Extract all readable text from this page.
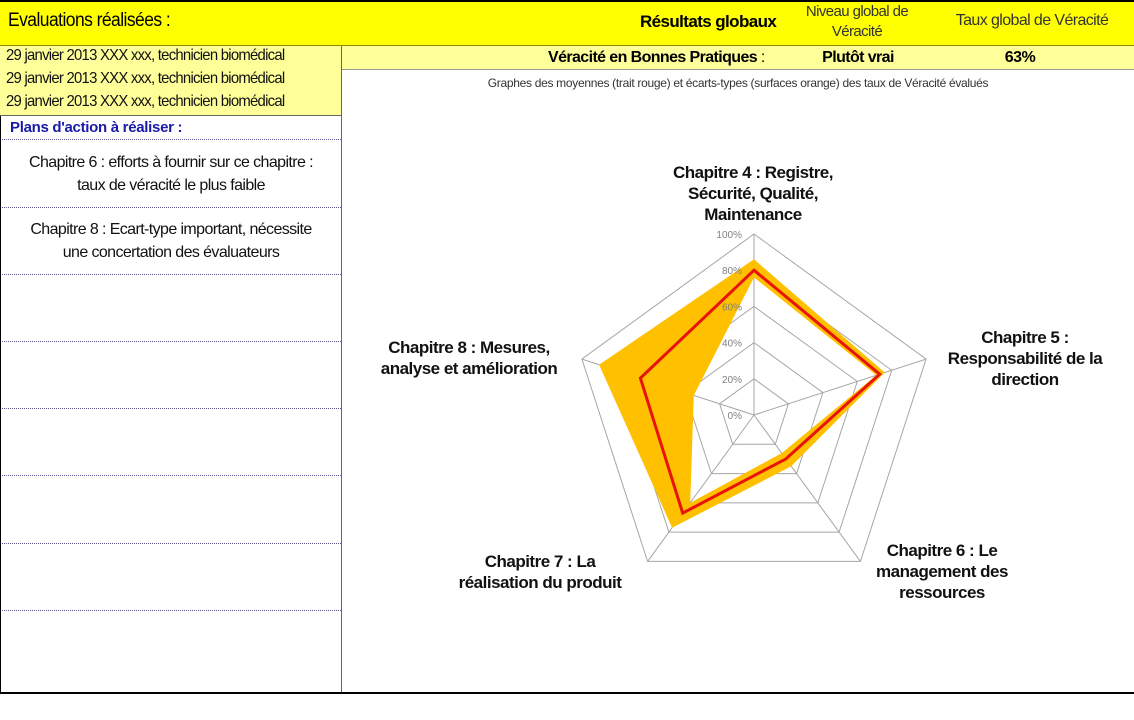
Evaluations réalisées :	Résultats globaux
Niveau global de
Véracité
Taux global de Véracité
Véracité en Bonnes Pratiques :	Plutôt vrai	63%
29 janvier 2013 XXX xxx, technicien biomédical
29 janvier 2013 XXX xxx, technicien biomédical
29 janvier 2013 XXX xxx, technicien biomédical
Graphes des moyennes (trait rouge) et écarts-types (surfaces orange) des taux de Véracité évalués
Plans d'action à réaliser :
Chapitre 6 : efforts à fournir sur ce chapitre :
taux de véracité le plus faible
Chapitre 8 : Ecart-type important, nécessite
une concertation des évaluateurs
0%
20%
40%
60%
80%
100%
Chapitre 4 : Registre,
Sécurité, Qualité,
Maintenance
Chapitre 5 :
Responsabilité de la
direction
Chapitre 6 : Le
management des
ressources
Chapitre 7 : La
réalisation du produit
Chapitre 8 : Mesures,
analyse et amélioration
